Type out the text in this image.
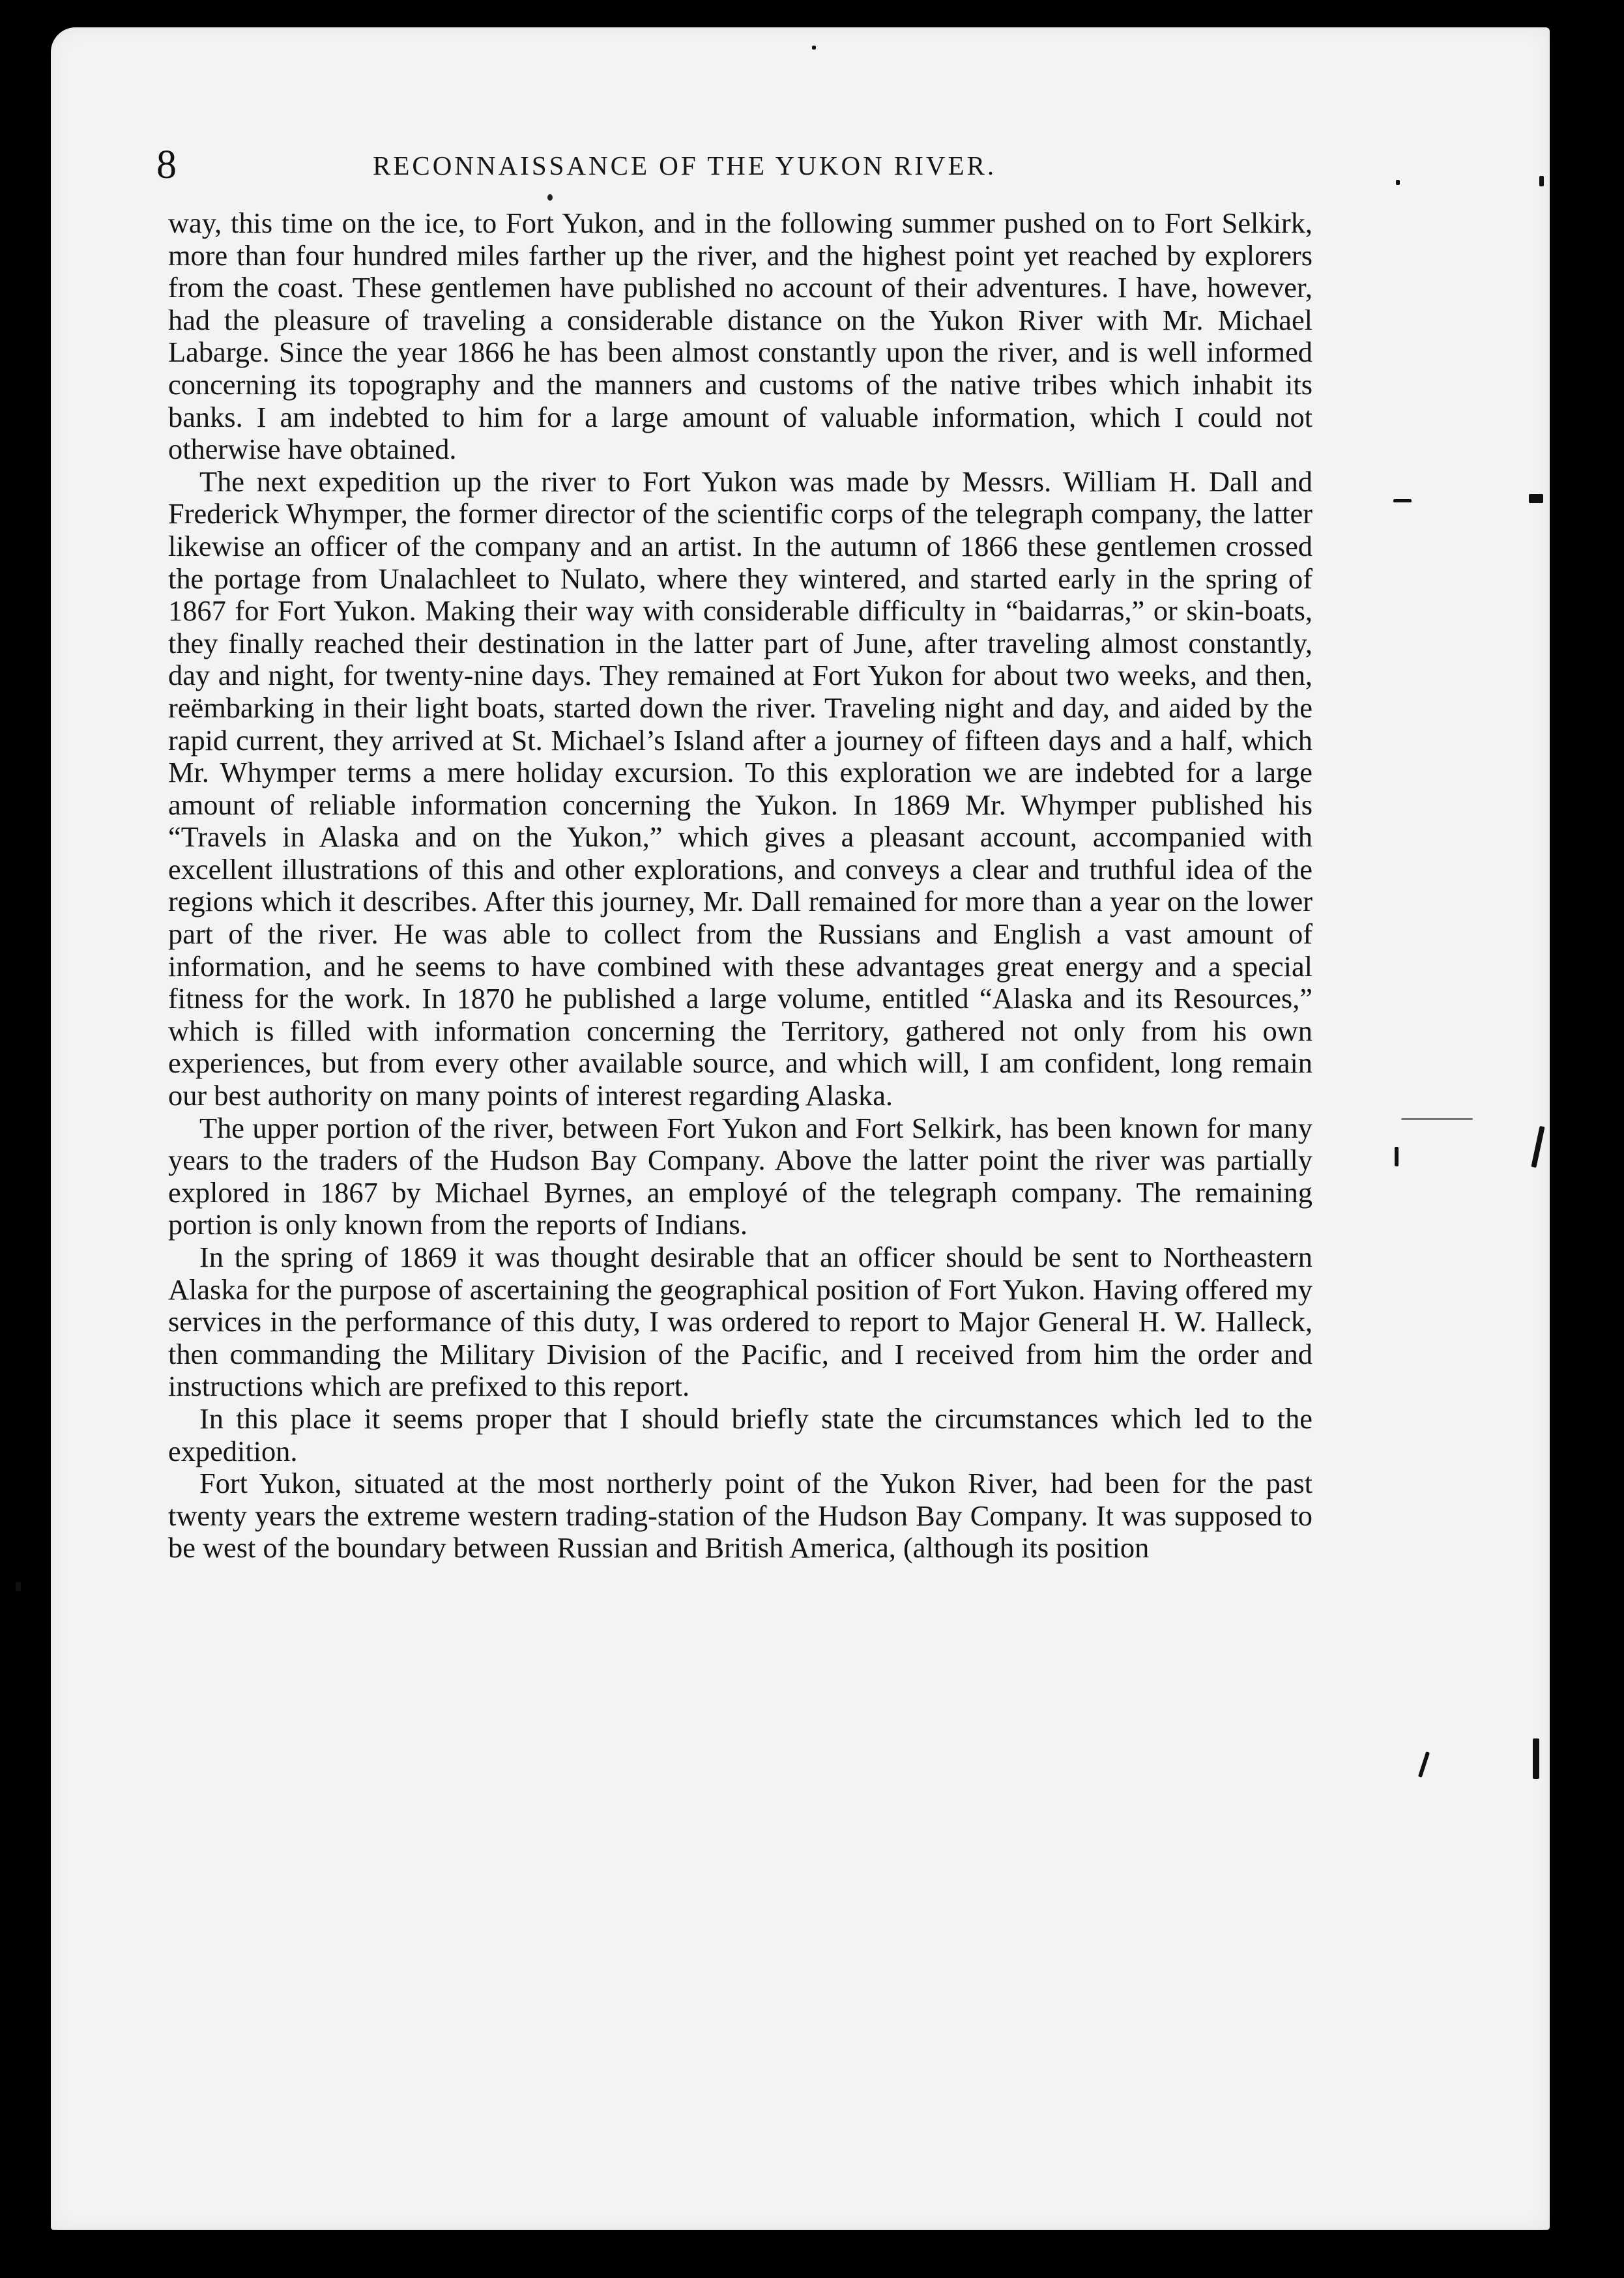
8	RECONNAISSANCE OF THE YUKON RIVER.

way, this time on the ice, to Fort Yukon, and in the following summer pushed on to Fort Selkirk, more than four hundred miles farther up the river, and the highest point yet reached by explorers from the coast. These gentlemen have published no account of their adventures. I have, however, had the pleasure of traveling a considerable distance on the Yukon River with Mr. Michael Labarge. Since the year 1866 he has been almost constantly upon the river, and is well informed concerning its topography and the manners and customs of the native tribes which inhabit its banks. I am indebted to him for a large amount of valuable information, which I could not otherwise have obtained.

The next expedition up the river to Fort Yukon was made by Messrs. William H. Dall and Frederick Whymper, the former director of the scientific corps of the telegraph company, the latter likewise an officer of the company and an artist. In the autumn of 1866 these gentlemen crossed the portage from Unalachleet to Nulato, where they wintered, and started early in the spring of 1867 for Fort Yukon. Making their way with considerable difficulty in “baidarras,” or skin-boats, they finally reached their destination in the latter part of June, after traveling almost constantly, day and night, for twenty-nine days. They remained at Fort Yukon for about two weeks, and then, reëmbarking in their light boats, started down the river. Traveling night and day, and aided by the rapid current, they arrived at St. Michael’s Island after a journey of fifteen days and a half, which Mr. Whymper terms a mere holiday excursion. To this exploration we are indebted for a large amount of reliable information concerning the Yukon. In 1869 Mr. Whymper published his “Travels in Alaska and on the Yukon,” which gives a pleasant account, accompanied with excellent illustrations of this and other explorations, and conveys a clear and truthful idea of the regions which it describes. After this journey, Mr. Dall remained for more than a year on the lower part of the river. He was able to collect from the Russians and English a vast amount of information, and he seems to have combined with these advantages great energy and a special fitness for the work. In 1870 he published a large volume, entitled “Alaska and its Resources,” which is filled with information concerning the Territory, gathered not only from his own experiences, but from every other available source, and which will, I am confident, long remain our best authority on many points of interest regarding Alaska.

The upper portion of the river, between Fort Yukon and Fort Selkirk, has been known for many years to the traders of the Hudson Bay Company. Above the latter point the river was partially explored in 1867 by Michael Byrnes, an employé of the telegraph company. The remaining portion is only known from the reports of Indians.

In the spring of 1869 it was thought desirable that an officer should be sent to Northeastern Alaska for the purpose of ascertaining the geographical position of Fort Yukon. Having offered my services in the performance of this duty, I was ordered to report to Major General H. W. Halleck, then commanding the Military Division of the Pacific, and I received from him the order and instructions which are prefixed to this report.

In this place it seems proper that I should briefly state the circumstances which led to the expedition.

Fort Yukon, situated at the most northerly point of the Yukon River, had been for the past twenty years the extreme western trading-station of the Hudson Bay Company. It was supposed to be west of the boundary between Russian and British America, (although its position
